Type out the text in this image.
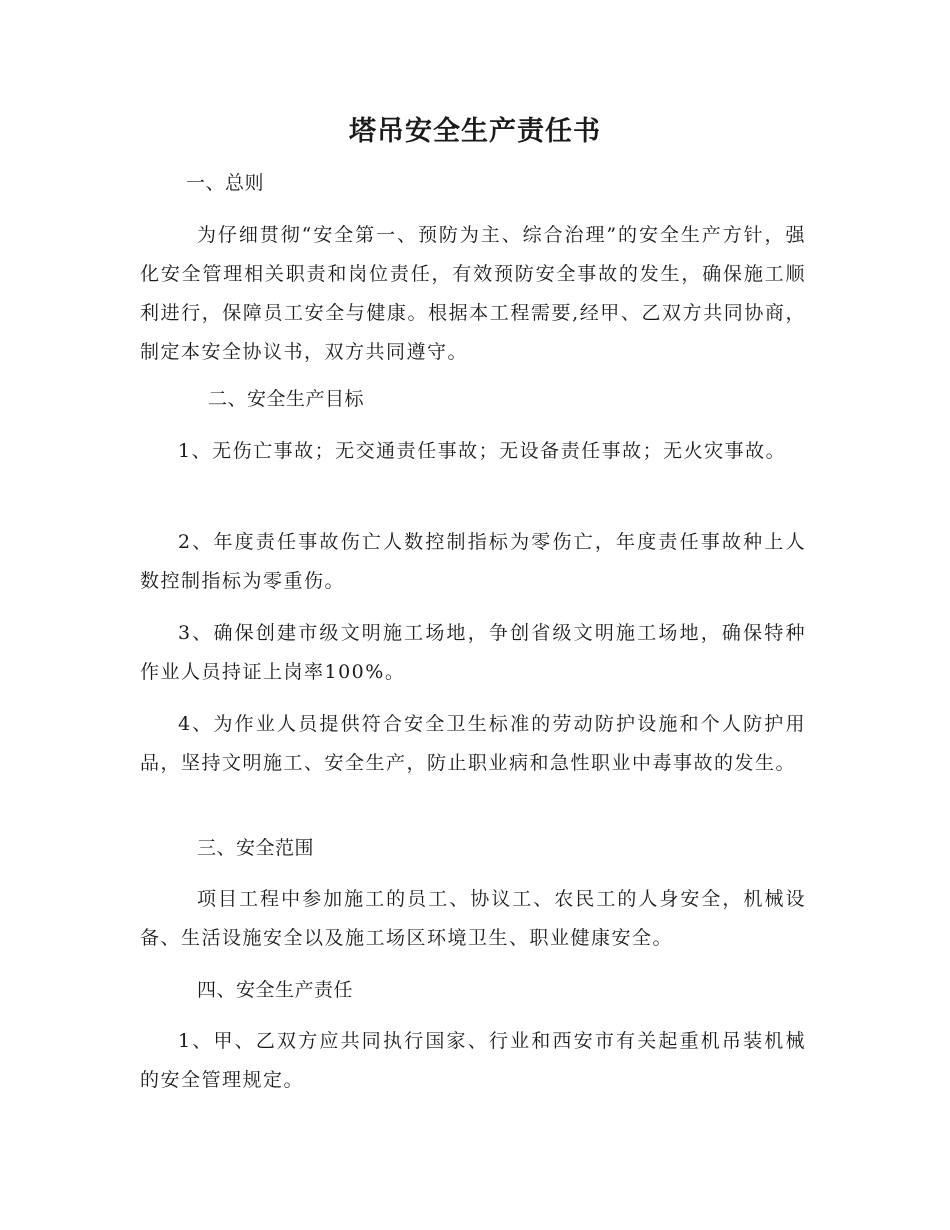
塔吊安全生产责任书
一、总则

为仔细贯彻“安全第一、预防为主、综合治理”的安全生产方针，强化安全管理相关职责和岗位责任，有效预防安全事故的发生，确保施工顺利进行，保障员工安全与健康。根据本工程需要,经甲、乙双方共同协商，制定本安全协议书，双方共同遵守。

二、安全生产目标

1、无伤亡事故；无交通责任事故；无设备责任事故；无火灾事故。

2、年度责任事故伤亡人数控制指标为零伤亡，年度责任事故种上人数控制指标为零重伤。

3、确保创建市级文明施工场地，争创省级文明施工场地，确保特种作业人员持证上岗率100%。

4、为作业人员提供符合安全卫生标准的劳动防护设施和个人防护用品，坚持文明施工、安全生产，防止职业病和急性职业中毒事故的发生。

三、安全范围

项目工程中参加施工的员工、协议工、农民工的人身安全，机械设备、生活设施安全以及施工场区环境卫生、职业健康安全。

四、安全生产责任

1、甲、乙双方应共同执行国家、行业和西安市有关起重机吊装机械的安全管理规定。
